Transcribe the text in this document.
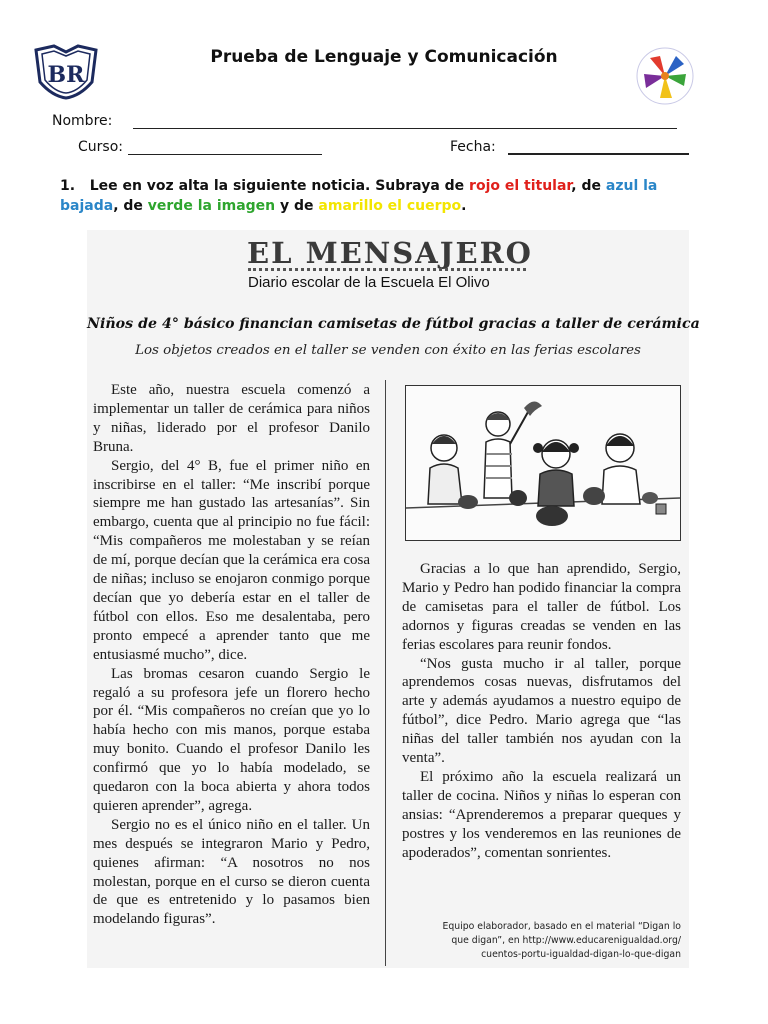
BR
Prueba de Lenguaje y Comunicación
Nombre:
Curso:	Fecha:
1. Lee en voz alta la siguiente noticia. Subraya de rojo el titular, de azul la bajada, de verde la imagen y de amarillo el cuerpo.
EL MENSAJERO
Diario escolar de la Escuela El Olivo
Niños de 4° básico financian camisetas de fútbol gracias a taller de cerámica
Los objetos creados en el taller se venden con éxito en las ferias escolares

Este año, nuestra escuela comenzó a implementar un taller de cerámica para niños y niñas, liderado por el profesor Danilo Bruna.

Sergio, del 4° B, fue el primer niño en inscribirse en el taller: “Me inscribí porque siempre me han gustado las artesanías”. Sin embargo, cuenta que al principio no fue fácil: “Mis compañeros me molestaban y se reían de mí, porque decían que la cerámica era cosa de niñas; incluso se enojaron conmigo porque decían que yo debería estar en el taller de fútbol con ellos. Eso me desalentaba, pero pronto empecé a aprender tanto que me entusiasmé mucho”, dice.

Las bromas cesaron cuando Sergio le regaló a su profesora jefe un florero hecho por él. “Mis compañeros no creían que yo lo había hecho con mis manos, porque estaba muy bonito. Cuando el profesor Danilo les confirmó que yo lo había modelado, se quedaron con la boca abierta y ahora todos quieren aprender”, agrega.

Sergio no es el único niño en el taller. Un mes después se integraron Mario y Pedro, quienes afirman: “A nosotros no nos molestan, porque en el curso se dieron cuenta de que es entretenido y lo pasamos bien modelando figuras”.

Gracias a lo que han aprendido, Sergio, Mario y Pedro han podido financiar la compra de camisetas para el taller de fútbol. Los adornos y figuras creadas se venden en las ferias escolares para reunir fondos.

“Nos gusta mucho ir al taller, porque aprendemos cosas nuevas, disfrutamos del arte y además ayudamos a nuestro equipo de fútbol”, dice Pedro. Mario agrega que “las niñas del taller también nos ayudan con la venta”.

El próximo año la escuela realizará un taller de cocina. Niños y niñas lo esperan con ansias: “Aprenderemos a preparar queques y postres y los venderemos en las reuniones de apoderados”, comentan sonrientes.

Equipo elaborador, basado en el material “Digan lo
que digan”, en http://www.educarenigualdad.org/
cuentos-portu-igualdad-digan-lo-que-digan
